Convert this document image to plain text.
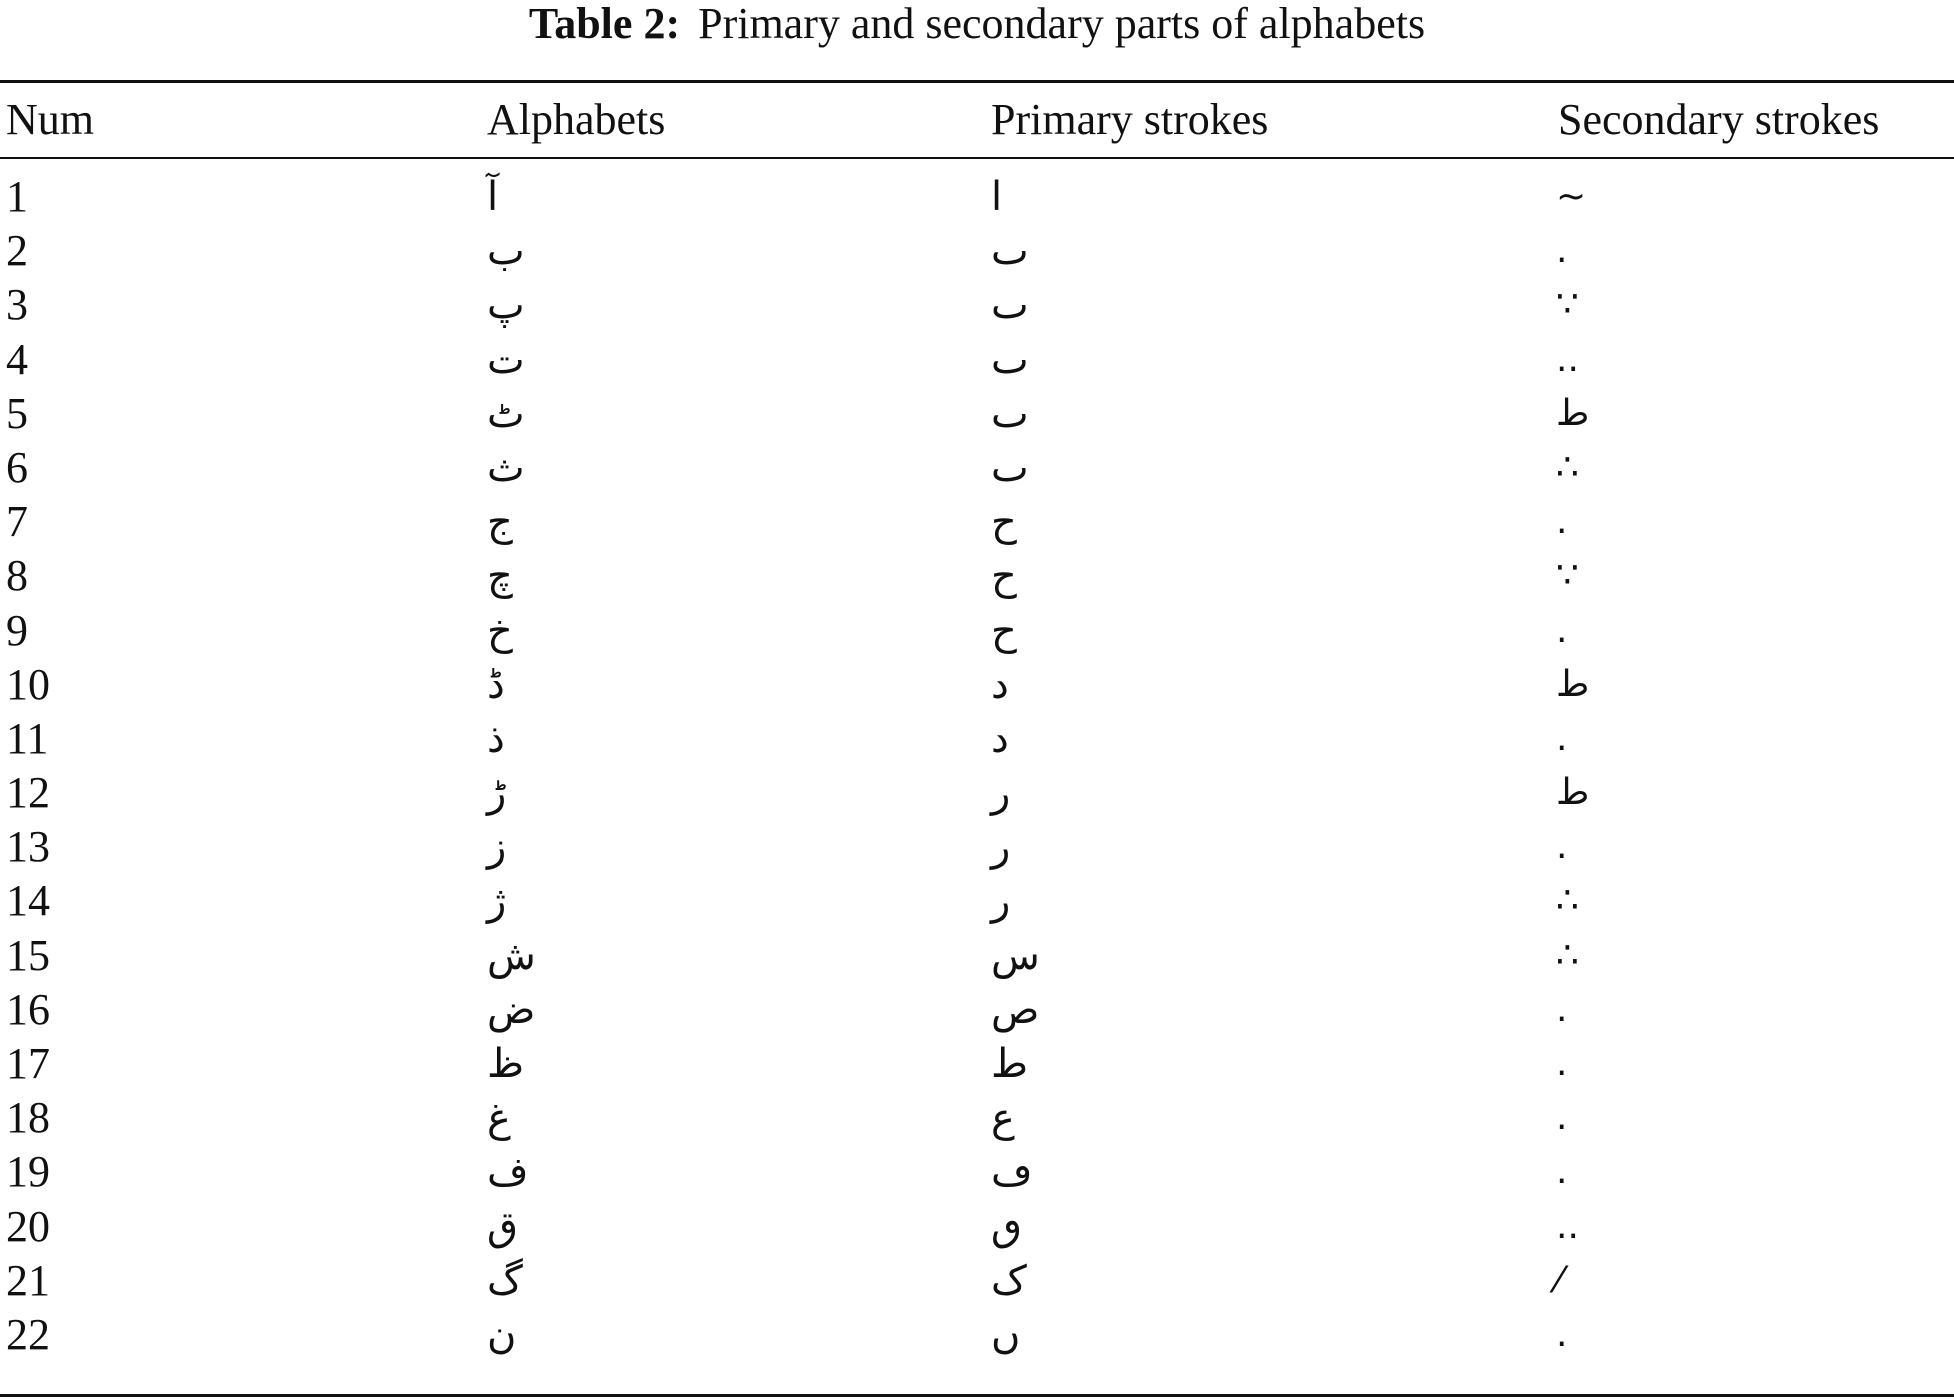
Table 2: Primary and secondary parts of alphabets
Num	Alphabets	Primary strokes	Secondary strokes
1	آ	ا	~
2	ب	ٮ	.
3	پ	ٮ	∵
4	ت	ٮ	..
5	ٹ	ٮ	ط
6	ث	ٮ	∴
7	ج	ح	.
8	چ	ح	∵
9	خ	ح	.
10	ڈ	د	ط
11	ذ	د	.
12	ڑ	ر	ط
13	ز	ر	.
14	ژ	ر	∴
15	ش	س	∴
16	ض	ص	.
17	ظ	ط	.
18	غ	ع	.
19	ف	ڡ	.
20	ق	ٯ	..
21	گ	ک	⁄
22	ن	ں	.
